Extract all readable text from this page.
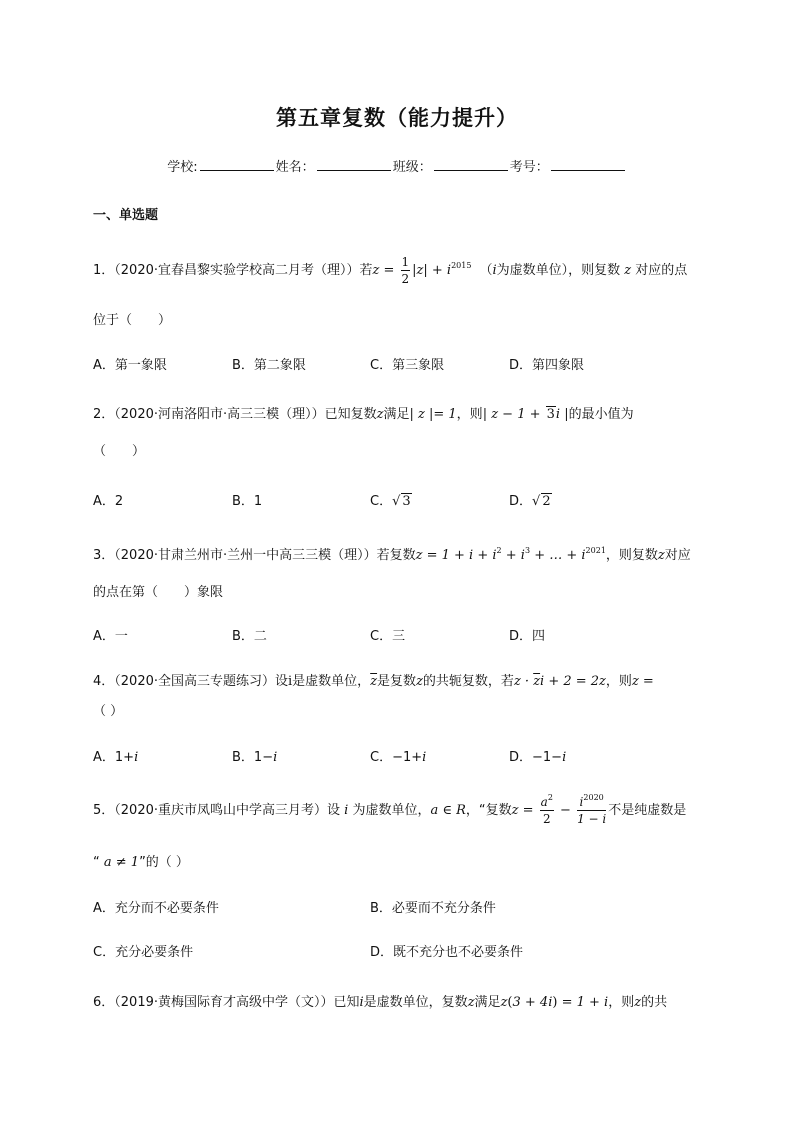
第五章复数（能力提升）
学校:	姓名：	班级：	考号：
一、单选题
1．（2020·宜春昌黎实验学校高二月考（理））若$z = \frac{1}{2} |z| + i^{2015}$ （i为虚数单位），则复数 z 对应的点
位于（　　）
A．第一象限	B．第二象限	C．第三象限	D．第四象限
2．（2020·河南洛阳市·高三三模（理））已知复数z满足| z |= 1，则| z − 1 + 3i |的最小值为
（　　）
A．2	B．1	C．√ 3	D．√ 2
3．（2020·甘肃兰州市·兰州一中高三三模（理））若复数$z = 1 + i + i^2 + i^3$ + … + $i^{2021}$，则复数z对应
的点在第（　　）象限
A．一	B．二	C．三	D．四
4．（2020·全国高三专题练习）设i是虚数单位，$\overline{z}$是复数z的共轭复数，若$z \cdot \overline{z}i + 2 = 2z$，则z =
（ ）
A．1+i	B．1−i	C．−1+i	D．−1−i
5．（2020·重庆市凤鸣山中学高三月考）设 i 为虚数单位，a ∈ R，“复数$z = \frac{a^2}{2} - \frac{i^{2020}}{1 - i}$ 不是纯虚数是
“ a ≠ 1”的（ ）
A．充分而不必要条件	B．必要而不充分条件
C．充分必要条件	D．既不充分也不必要条件
6．（2019·黄梅国际育才高级中学（文））已知i是虚数单位，复数z满足z(3 + 4i) = 1 + i，则z的共
